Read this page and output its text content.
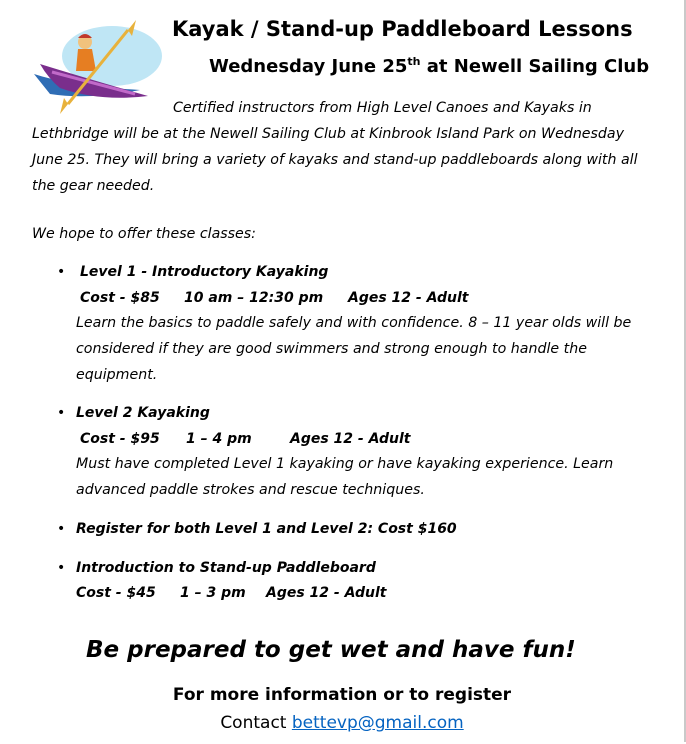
Kayak / Stand-up Paddleboard Lessons
Wednesday June 25th at Newell Sailing Club
Certified instructors from High Level Canoes and Kayaks in Lethbridge will be at the Newell Sailing Club at Kinbrook Island Park on Wednesday June 25. They will bring a variety of kayaks and stand-up paddleboards along with all the gear needed.
We hope to offer these classes:
• Level 1 - Introductory Kayaking
Cost - $85 10 am – 12:30 pm Ages 12 - Adult
Learn the basics to paddle safely and with confidence. 8 – 11 year olds will be considered if they are good swimmers and strong enough to handle the equipment.
• Level 2 Kayaking
Cost - $95 1 – 4 pm	Ages 12 - Adult
Must have completed Level 1 kayaking or have kayaking experience. Learn advanced paddle strokes and rescue techniques.
• Register for both Level 1 and Level 2: Cost $160
• Introduction to Stand-up Paddleboard
Cost - $45 1 – 3 pm Ages 12 - Adult
Be prepared to get wet and have fun!
For more information or to register
Contact bettevp@gmail.com
